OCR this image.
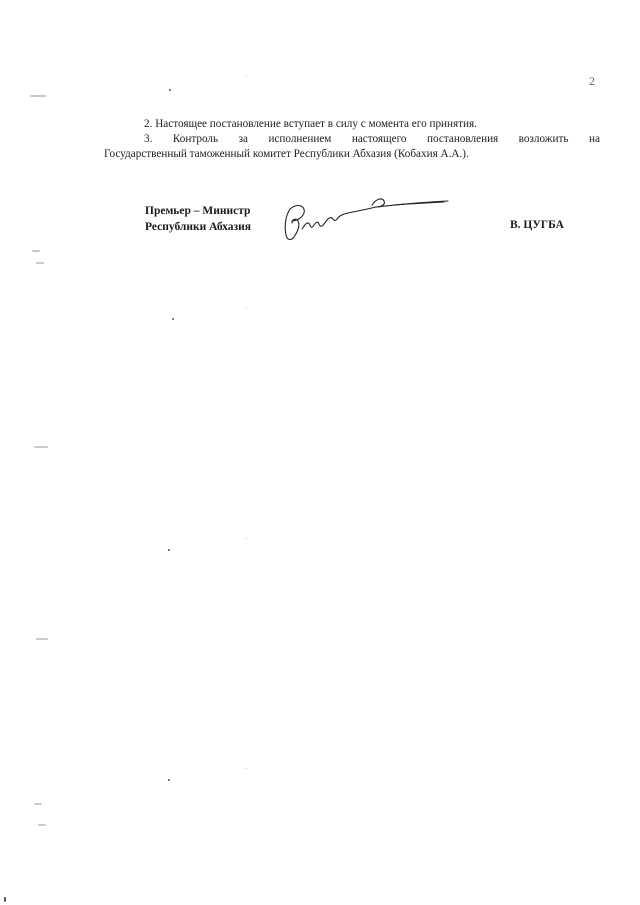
2
2. Настоящее постановление вступает в силу с момента его принятия.
3. Контроль за исполнением настоящего постановления возложить на
Государственный таможенный комитет Республики Абхазия (Кобахия А.А.).
Премьер – Министр
Республики Абхазия	В. ЦУГБА
